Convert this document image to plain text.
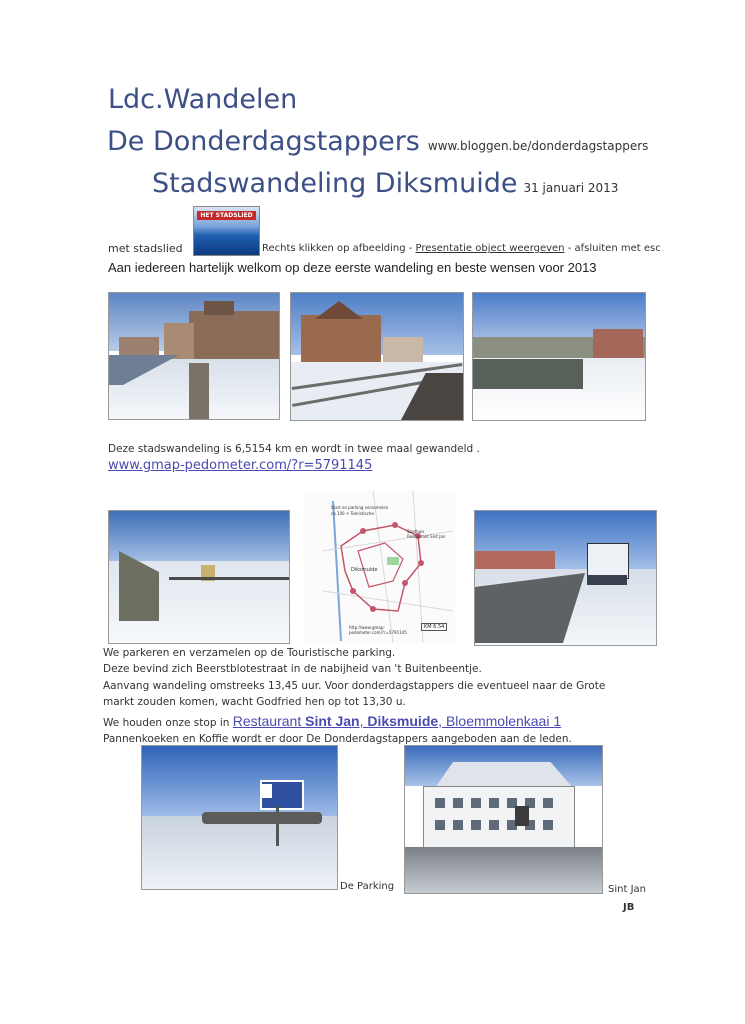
Ldc.Wandelen
De Donderdagstappers www.bloggen.be/donderdagstappers
Stadswandeling Diksmuide 31 januari 2013
met stadslied
HET STADSLIED
Rechts klikken op afbeelding - Presentatie object weergeven - afsluiten met esc
Aan iedereen hartelijk welkom op deze eerste wandeling en beste wensen voor 2013
Deze stadswandeling is 6,5154 km en wordt in twee maal gewandeld .
www.gmap-pedometer.com/?r=5791145
Start en parking verzamelen
ca 100 + Toeristische
Stadhuis Restaurant Sint Jan
Diksmuide
http://www.gmap-pedometer.com/?r=5791145
KM 6.54
We parkeren en verzamelen op de Touristische parking.
Deze bevind zich Beerstblotestraat in de nabijheid van 't Buitenbeentje.
Aanvang wandeling omstreeks 13,45 uur. Voor donderdagstappers die eventueel naar de Grote
markt zouden komen, wacht Godfried hen op tot 13,30 u.
We houden onze stop in Restaurant Sint Jan, Diksmuide, Bloemmolenkaai 1
Pannenkoeken en Koffie wordt er door De Donderdagstappers aangeboden aan de leden.
De Parking	Sint Jan
JB
